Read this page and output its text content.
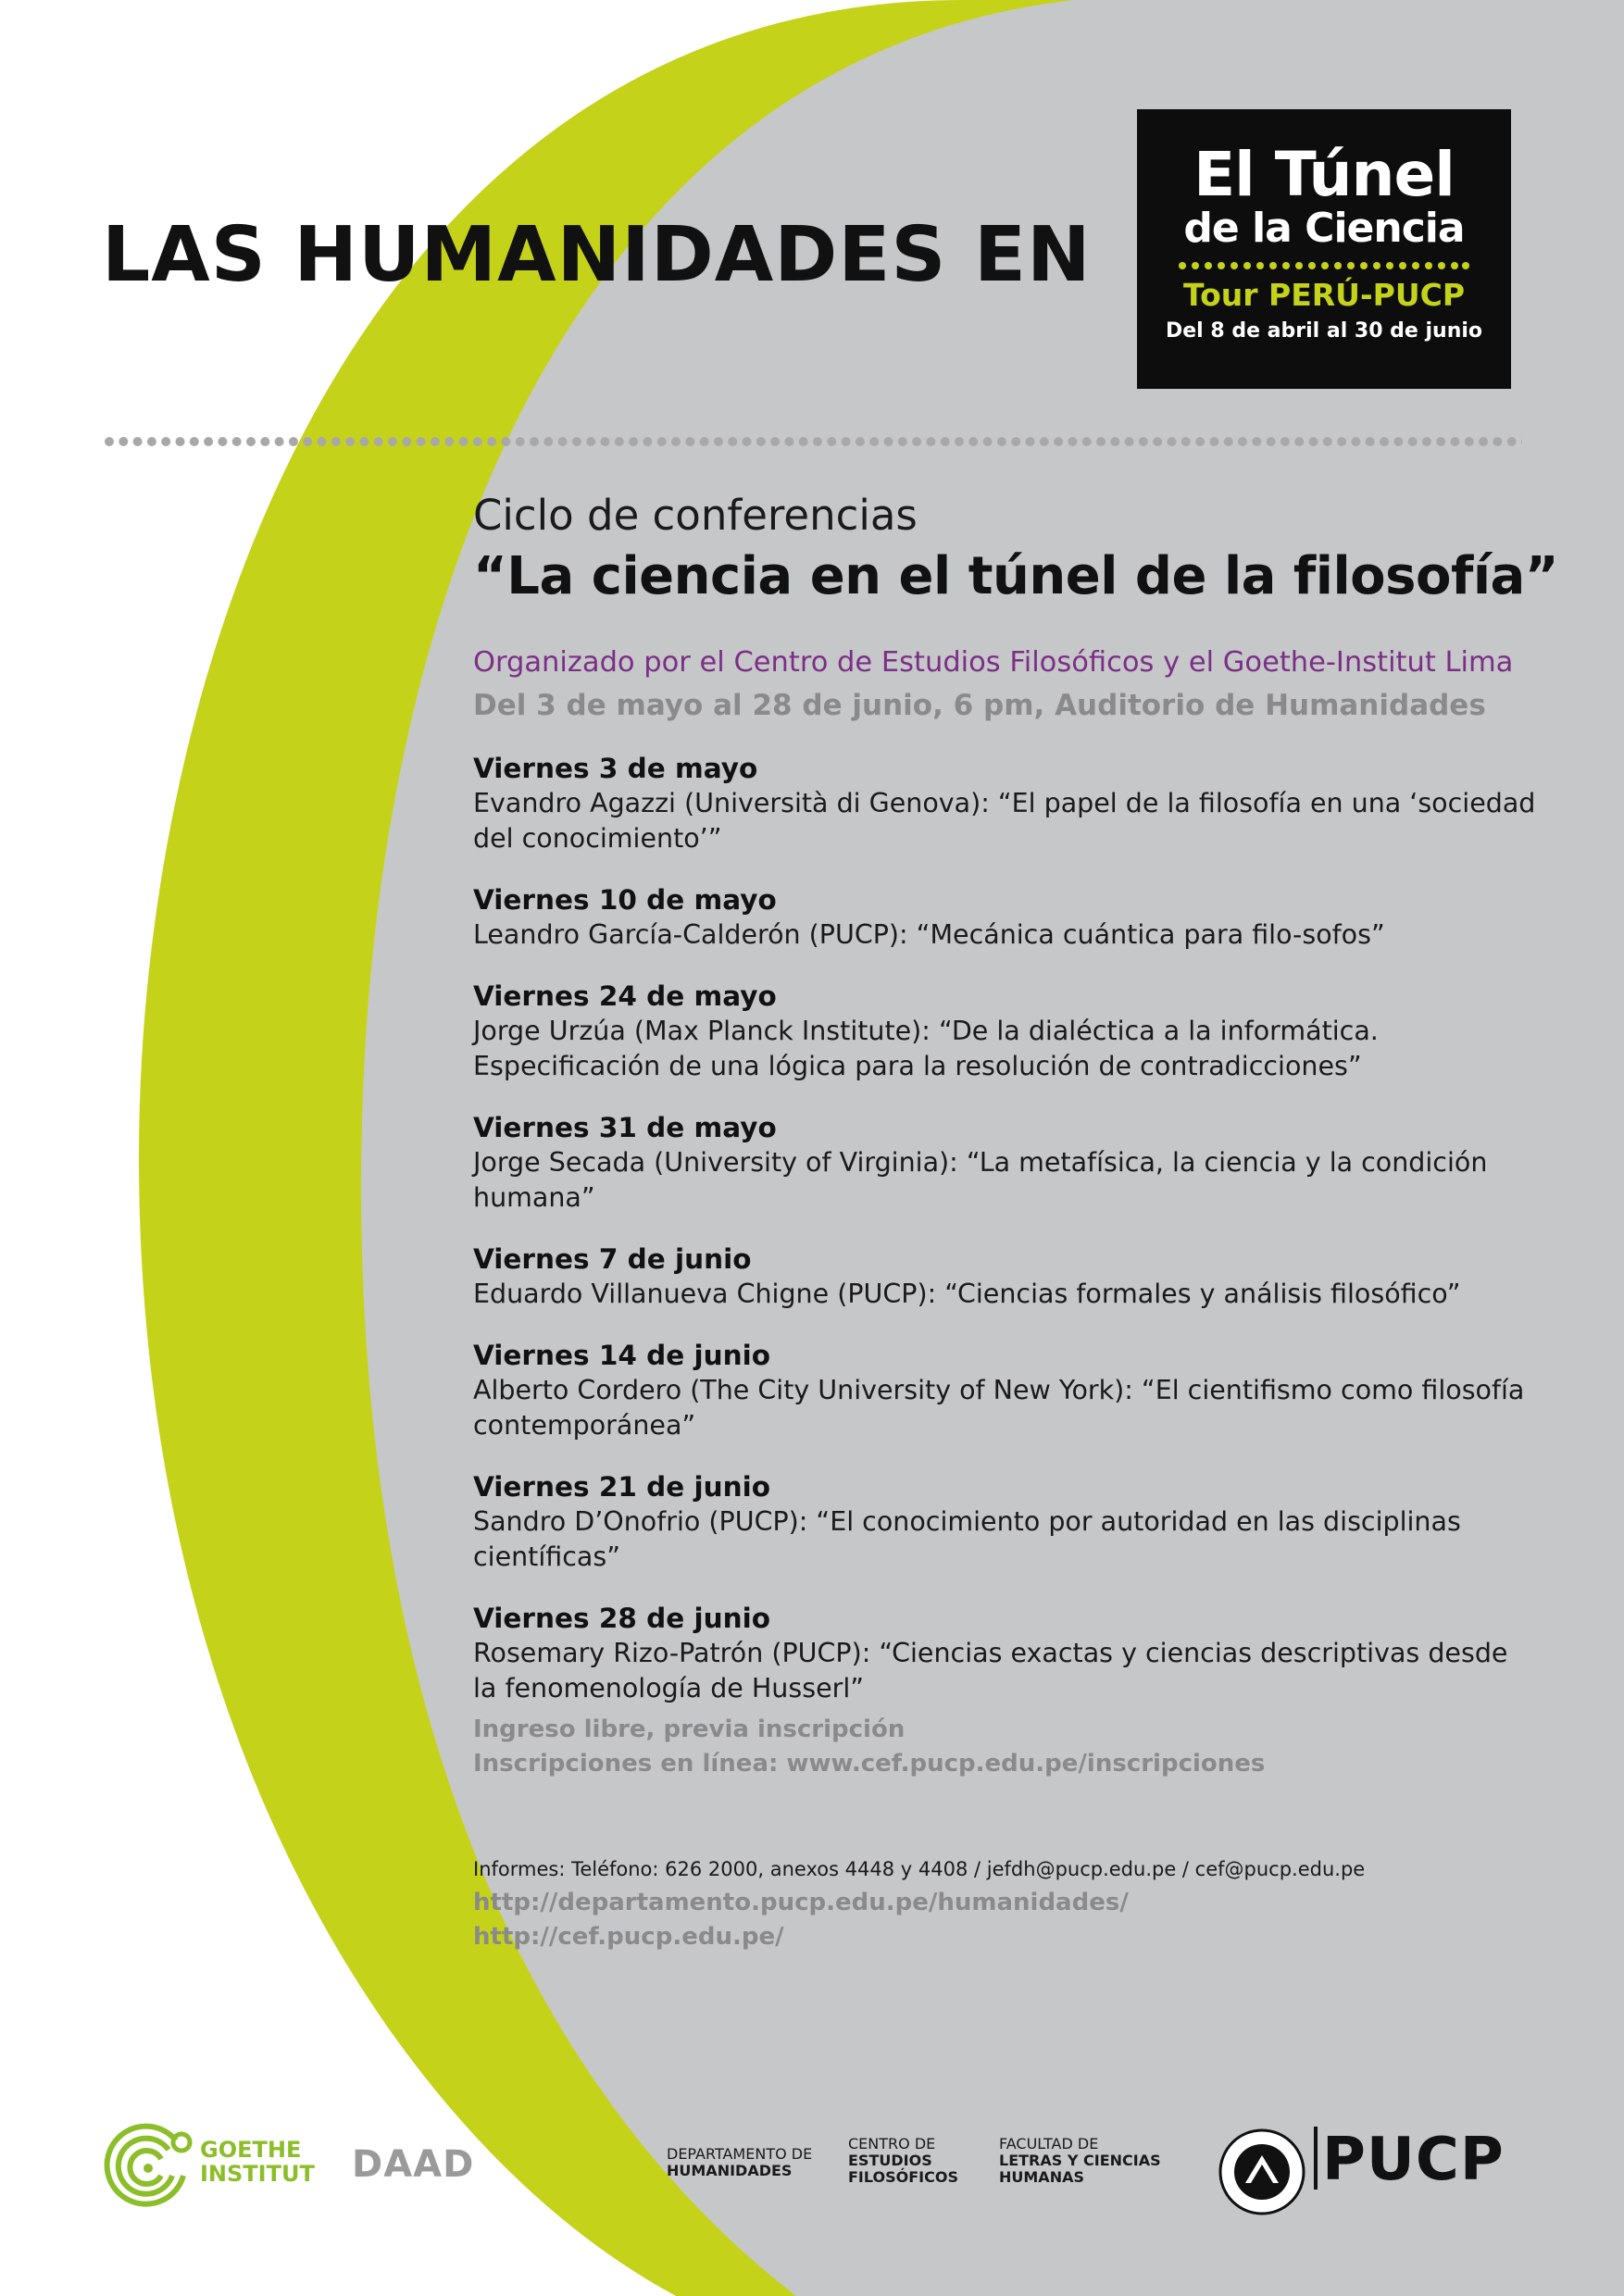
LAS HUMANIDADES EN
El Túnel
de la Ciencia
Tour PERÚ-PUCP
Del 8 de abril al 30 de junio
Ciclo de conferencias
“La ciencia en el túnel de la filosofía”
Organizado por el Centro de Estudios Filosóficos y el Goethe-Institut Lima
Del 3 de mayo al 28 de junio, 6 pm, Auditorio de Humanidades
Viernes 3 de mayo
Evandro Agazzi (Università di Genova): “El papel de la filosofía en una ‘sociedad del conocimiento’”
Viernes 10 de mayo
Leandro García-Calderón (PUCP): “Mecánica cuántica para filo-sofos”
Viernes 24 de mayo
Jorge Urzúa (Max Planck Institute): “De la dialéctica a la informática. Especificación de una lógica para la resolución de contradicciones”
Viernes 31 de mayo
Jorge Secada (University of Virginia): “La metafísica, la ciencia y la condición humana”
Viernes 7 de junio
Eduardo Villanueva Chigne (PUCP): “Ciencias formales y análisis filosófico”
Viernes 14 de junio
Alberto Cordero (The City University of New York): “El cientifismo como filosofía contemporánea”
Viernes 21 de junio
Sandro D’Onofrio (PUCP): “El conocimiento por autoridad en las disciplinas científicas”
Viernes 28 de junio
Rosemary Rizo-Patrón (PUCP): “Ciencias exactas y ciencias descriptivas desde la fenomenología de Husserl”
Ingreso libre, previa inscripción
Inscripciones en línea: www.cef.pucp.edu.pe/inscripciones
Informes: Teléfono: 626 2000, anexos 4448 y 4408 / jefdh@pucp.edu.pe / cef@pucp.edu.pe
http://departamento.pucp.edu.pe/humanidades/
http://cef.pucp.edu.pe/
GOETHE
INSTITUT DAAD	DEPARTAMENTO DE
HUMANIDADES
CENTRO DE
ESTUDIOS
FILOSÓFICOS
FACULTAD DE
LETRAS Y CIENCIAS
HUMANAS	PUCP
